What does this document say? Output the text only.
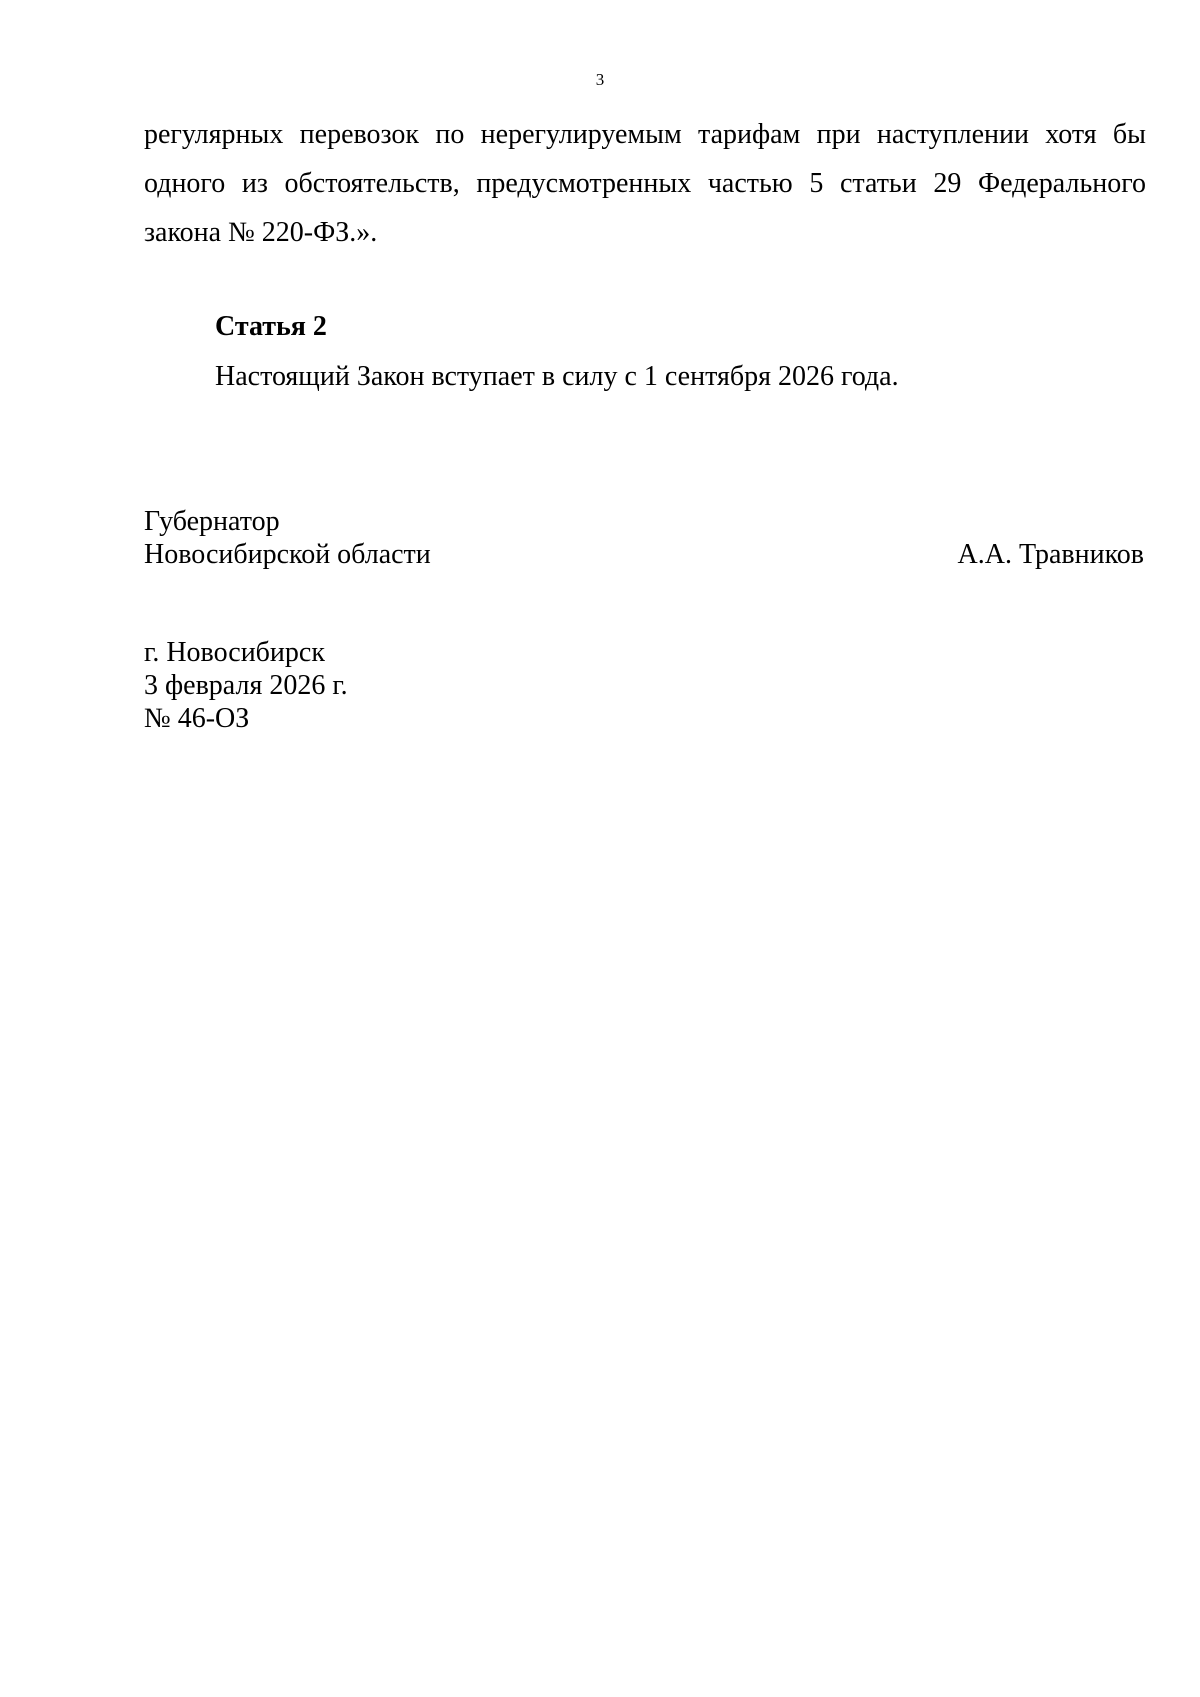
3
регулярных перевозок по нерегулируемым тарифам при наступлении хотя бы
одного из обстоятельств, предусмотренных частью 5 статьи 29 Федерального
закона № 220-ФЗ.».
Статья 2
Настоящий Закон вступает в силу с 1 сентября 2026 года.
Губернатор
Новосибирской области	А.А. Травников
г. Новосибирск
3 февраля 2026 г.
№ 46-ОЗ
